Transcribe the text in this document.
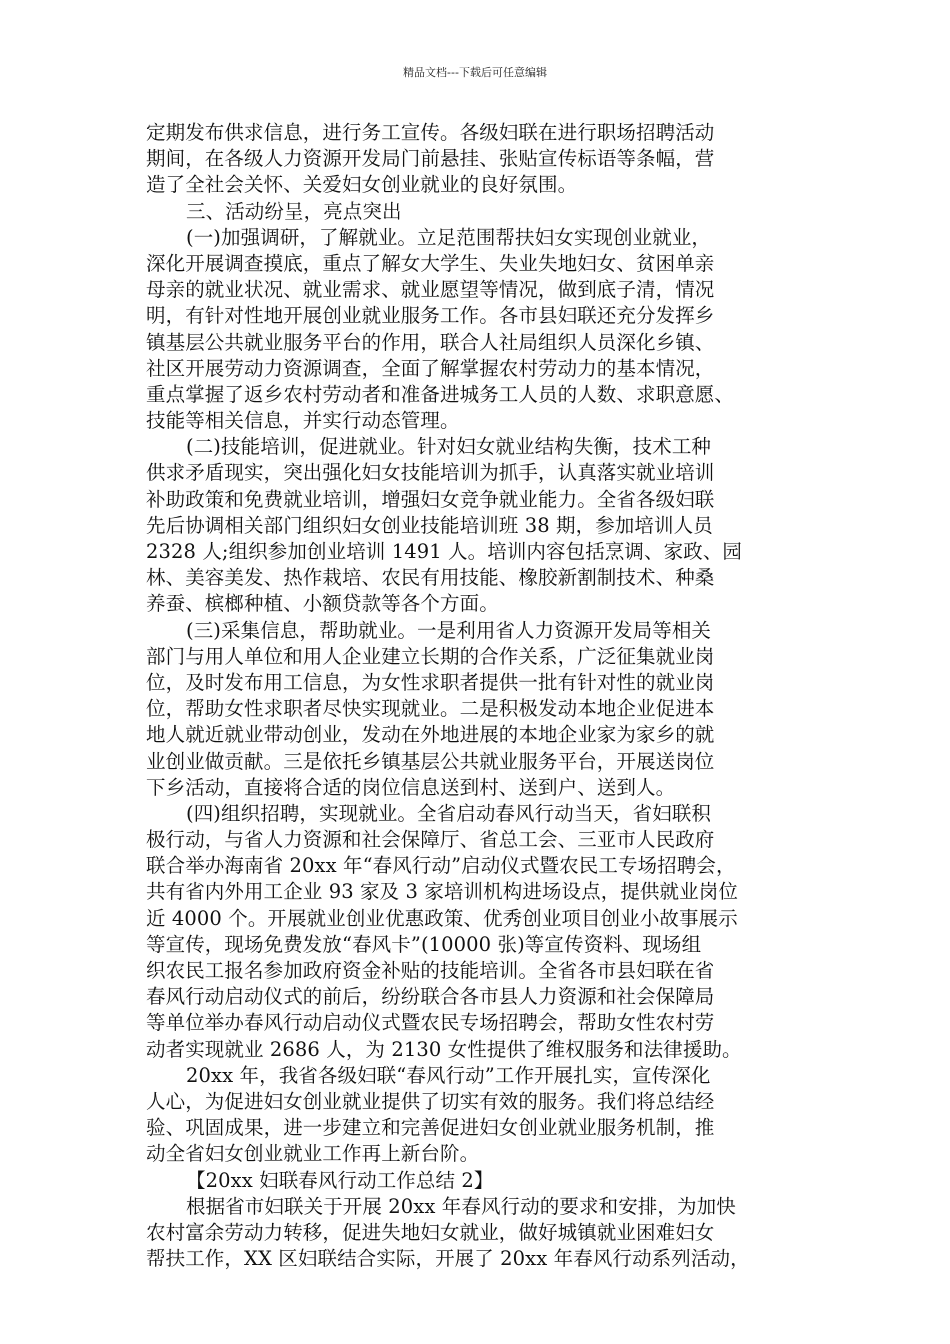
精品文档---下载后可任意编辑
定期发布供求信息，进行务工宣传。各级妇联在进行职场招聘活动
期间，在各级人力资源开发局门前悬挂、张贴宣传标语等条幅，营
造了全社会关怀、关爱妇女创业就业的良好氛围。
三、活动纷呈，亮点突出
(一)加强调研，了解就业。立足范围帮扶妇女实现创业就业，
深化开展调查摸底，重点了解女大学生、失业失地妇女、贫困单亲
母亲的就业状况、就业需求、就业愿望等情况，做到底子清，情况
明，有针对性地开展创业就业服务工作。各市县妇联还充分发挥乡
镇基层公共就业服务平台的作用，联合人社局组织人员深化乡镇、
社区开展劳动力资源调查，全面了解掌握农村劳动力的基本情况，
重点掌握了返乡农村劳动者和准备进城务工人员的人数、求职意愿、
技能等相关信息，并实行动态管理。
(二)技能培训，促进就业。针对妇女就业结构失衡，技术工种
供求矛盾现实，突出强化妇女技能培训为抓手，认真落实就业培训
补助政策和免费就业培训，增强妇女竞争就业能力。全省各级妇联
先后协调相关部门组织妇女创业技能培训班 38 期，参加培训人员
2328 人;组织参加创业培训 1491 人。培训内容包括烹调、家政、园
林、美容美发、热作栽培、农民有用技能、橡胶新割制技术、种桑
养蚕、槟榔种植、小额贷款等各个方面。
(三)采集信息，帮助就业。一是利用省人力资源开发局等相关
部门与用人单位和用人企业建立长期的合作关系，广泛征集就业岗
位，及时发布用工信息，为女性求职者提供一批有针对性的就业岗
位，帮助女性求职者尽快实现就业。二是积极发动本地企业促进本
地人就近就业带动创业，发动在外地进展的本地企业家为家乡的就
业创业做贡献。三是依托乡镇基层公共就业服务平台，开展送岗位
下乡活动，直接将合适的岗位信息送到村、送到户、送到人。
(四)组织招聘，实现就业。全省启动春风行动当天，省妇联积
极行动，与省人力资源和社会保障厅、省总工会、三亚市人民政府
联合举办海南省 20xx 年“春风行动”启动仪式暨农民工专场招聘会，
共有省内外用工企业 93 家及 3 家培训机构进场设点，提供就业岗位
近 4000 个。开展就业创业优惠政策、优秀创业项目创业小故事展示
等宣传，现场免费发放“春风卡”(10000 张)等宣传资料、现场组
织农民工报名参加政府资金补贴的技能培训。全省各市县妇联在省
春风行动启动仪式的前后，纷纷联合各市县人力资源和社会保障局
等单位举办春风行动启动仪式暨农民专场招聘会，帮助女性农村劳
动者实现就业 2686 人，为 2130 女性提供了维权服务和法律援助。
20xx 年，我省各级妇联“春风行动”工作开展扎实，宣传深化
人心，为促进妇女创业就业提供了切实有效的服务。我们将总结经
验、巩固成果，进一步建立和完善促进妇女创业就业服务机制，推
动全省妇女创业就业工作再上新台阶。
【20xx 妇联春风行动工作总结 2】
根据省市妇联关于开展 20xx 年春风行动的要求和安排，为加快
农村富余劳动力转移，促进失地妇女就业，做好城镇就业困难妇女
帮扶工作，XX 区妇联结合实际，开展了 20xx 年春风行动系列活动，
